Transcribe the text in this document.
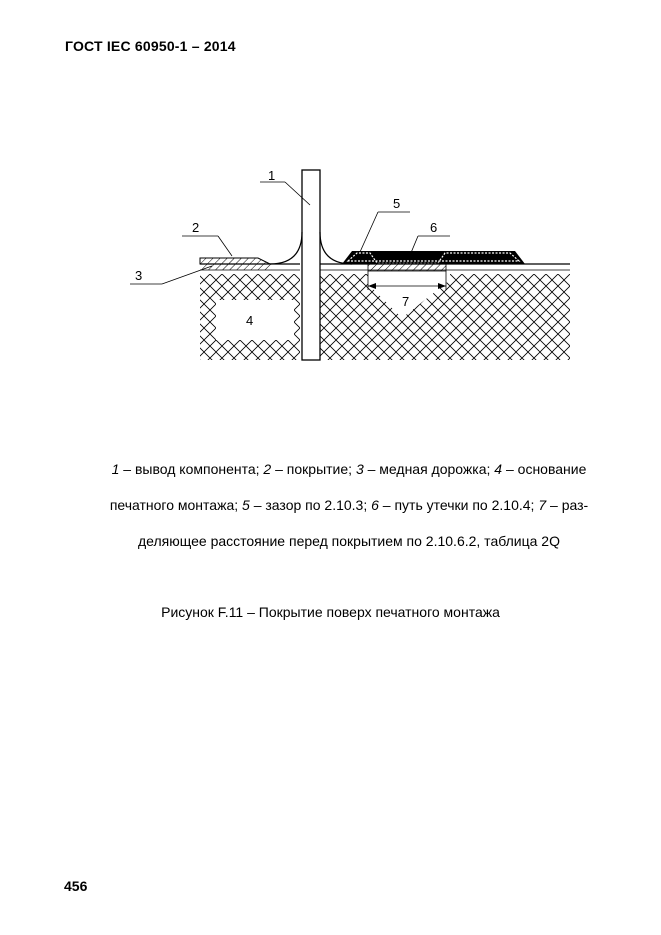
ГОСТ IEC 60950-1 – 2014
1
2
3
4
5
6
7
1 – вывод компонента; 2 – покрытие; 3 – медная дорожка; 4 – основание
печатного монтажа; 5 – зазор по 2.10.3; 6 – путь утечки по 2.10.4; 7 – раз-
деляющее расстояние перед покрытием по 2.10.6.2, таблица 2Q
Рисунок F.11 – Покрытие поверх печатного монтажа
456
